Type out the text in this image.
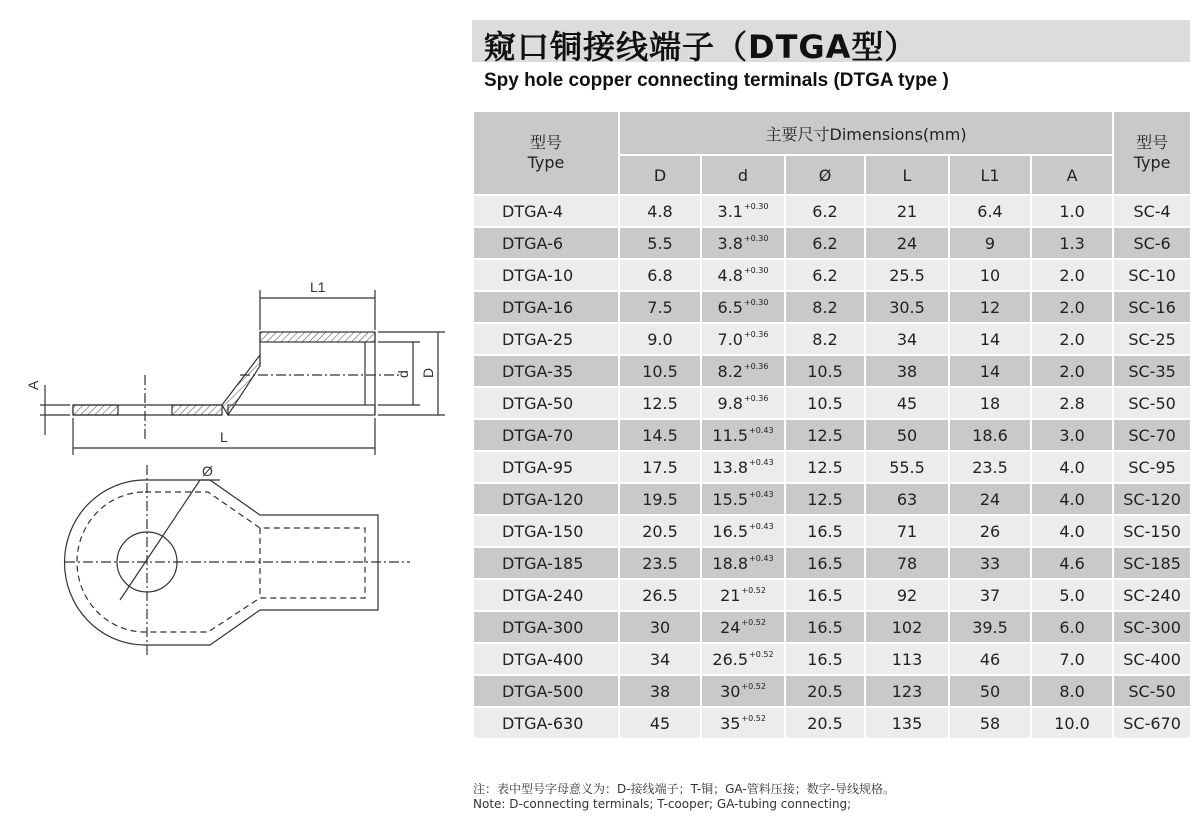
窥口铜接线端子（DTGA型）
Spy hole copper connecting terminals (DTGA type )
L1
L
A
d D
Ø
型号
Type	主要尺寸Dimensions(mm)						型号
Type

	D	d	Ø	L	L1	A	
DTGA-4	4.8	$3.1^{+0.30}$	6.2	21	6.4	1.0	SC-4
DTGA-6	5.5	$3.8^{+0.30}$	6.2	24	9	1.3	SC-6
DTGA-10	6.8	$4.8^{+0.30}$	6.2	25.5	10	2.0	SC-10
DTGA-16	7.5	$6.5^{+0.30}$	8.2	30.5	12	2.0	SC-16
DTGA-25	9.0	$7.0^{+0.36}$	8.2	34	14	2.0	SC-25
DTGA-35	10.5	$8.2^{+0.36}$	10.5	38	14	2.0	SC-35
DTGA-50	12.5	$9.8^{+0.36}$	10.5	45	18	2.8	SC-50
DTGA-70	14.5	$11.5^{+0.43}$	12.5	50	18.6	3.0	SC-70
DTGA-95	17.5	$13.8^{+0.43}$	12.5	55.5	23.5	4.0	SC-95
DTGA-120	19.5	$15.5^{+0.43}$	12.5	63	24	4.0	SC-120
DTGA-150	20.5	$16.5^{+0.43}$	16.5	71	26	4.0	SC-150
DTGA-185	23.5	$18.8^{+0.43}$	16.5	78	33	4.6	SC-185
DTGA-240	26.5	$21^{+0.52}$	16.5	92	37	5.0	SC-240
DTGA-300	30	$24^{+0.52}$	16.5	102	39.5	6.0	SC-300
DTGA-400	34	$26.5^{+0.52}$	16.5	113	46	7.0	SC-400
DTGA-500	38	$30^{+0.52}$	20.5	123	50	8.0	SC-50
DTGA-630	45	$35^{+0.52}$	20.5	135	58	10.0	SC-670
注：表中型号字母意义为：D-接线端子；T-铜；GA-管料压接；数字-导线规格。
Note: D-connecting terminals; T-cooper; GA-tubing connecting;
